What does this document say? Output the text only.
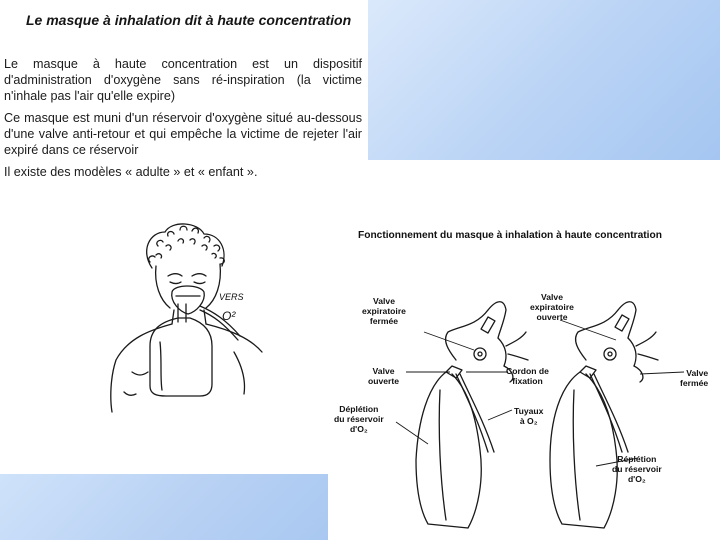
Le masque à inhalation dit à haute concentration

Le masque à haute concentration est un dispositif d'administration d'oxygène sans ré-inspiration (la victime n'inhale pas l'air qu'elle expire)

Ce masque est muni d'un réservoir d'oxygène situé au-dessous d'une valve anti-retour et qui empêche la victime de rejeter l'air expiré dans ce réservoir

Il existe des modèles « adulte » et « enfant ».

VERS
O²
Fonctionnement du masque à inhalation à haute concentration
Valve
expiratoire
fermée
Valve
expiratoire
ouverte
Valve
ouverte
Cordon de
fixation
Valve
fermée
Déplétion
du réservoir
d'O₂
Tuyaux
à O₂
Réplétion
du réservoir
d'O₂
